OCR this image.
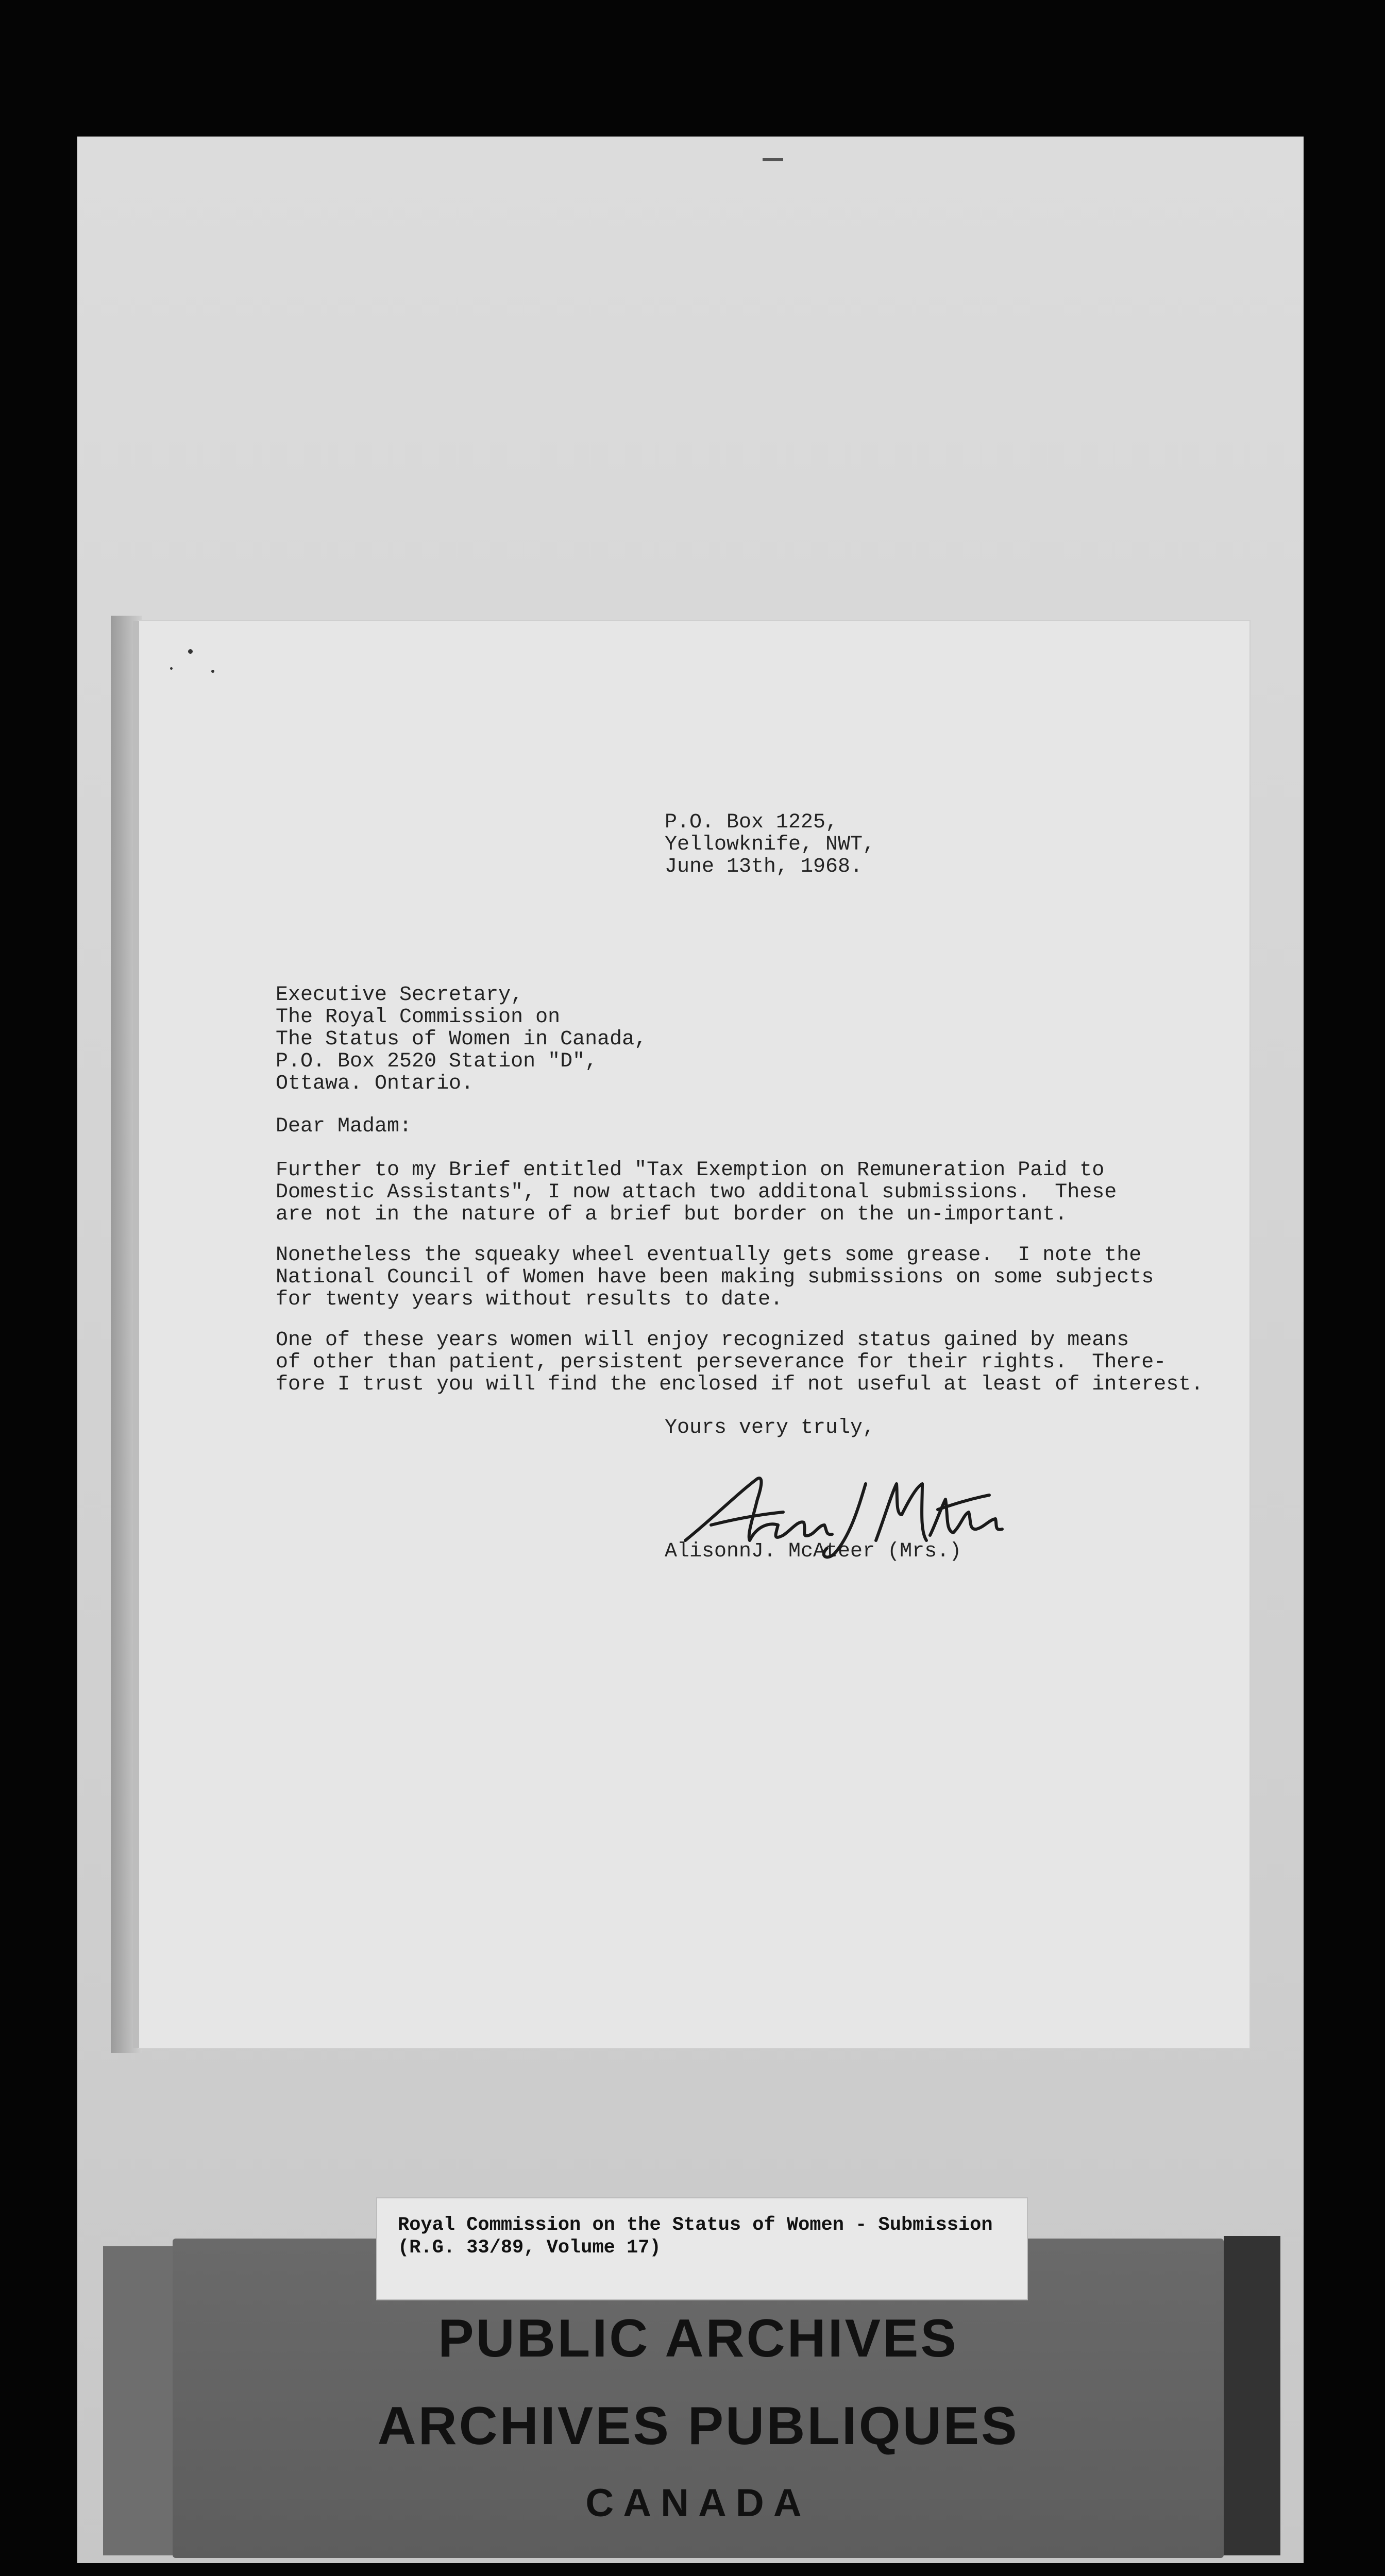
P.O. Box 1225,

Yellowknife, NWT,

June 13th, 1968.

Executive Secretary,

The Royal Commission on

The Status of Women in Canada,

P.O. Box 2520 Station "D",

Ottawa. Ontario.

Dear Madam:

Further to my Brief entitled "Tax Exemption on Remuneration Paid to

Domestic Assistants", I now attach two additonal submissions.  These

are not in the nature of a brief but border on the un-important.

Nonetheless the squeaky wheel eventually gets some grease.  I note the

National Council of Women have been making submissions on some subjects

for twenty years without results to date.

One of these years women will enjoy recognized status gained by means

of other than patient, persistent perseverance for their rights.  There-

fore I trust you will find the enclosed if not useful at least of interest.

Yours very truly,

AlisonnJ. McAteer (Mrs.)

PUBLIC ARCHIVES
ARCHIVES PUBLIQUES
CANADA
Royal Commission on the Status of Women - Submission
(R.G. 33/89, Volume 17)
